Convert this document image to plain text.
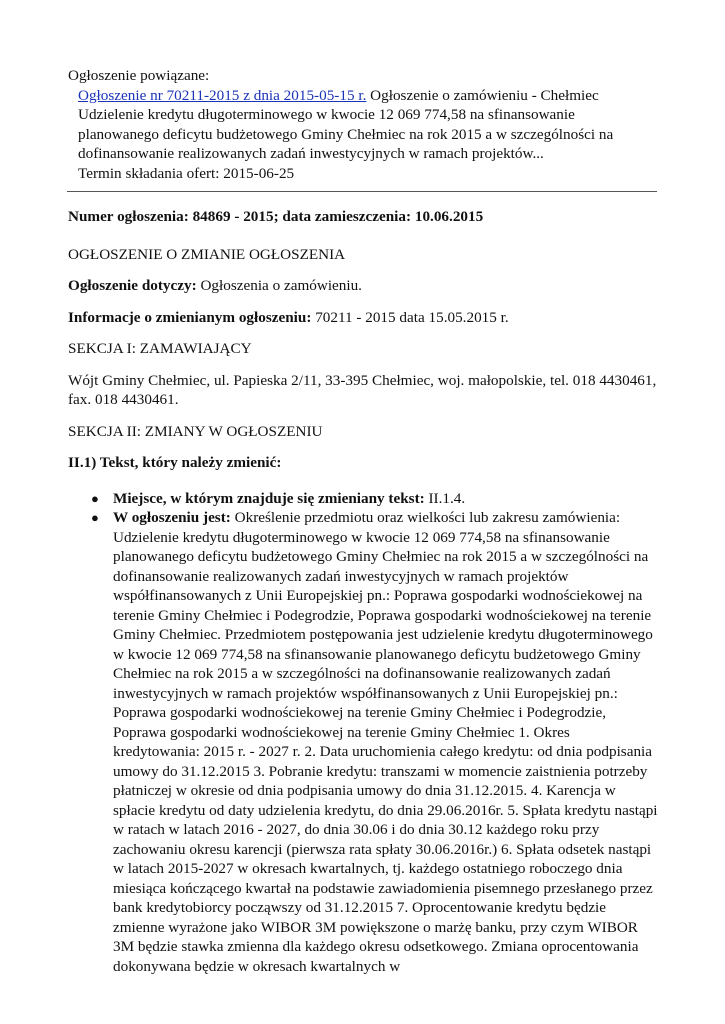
Ogłoszenie powiązane:
Ogłoszenie nr 70211-2015 z dnia 2015-05-15 r. Ogłoszenie o zamówieniu - Chełmiec Udzielenie kredytu długoterminowego w kwocie 12 069 774,58 na sfinansowanie planowanego deficytu budżetowego Gminy Chełmiec na rok 2015 a w szczególności na dofinansowanie realizowanych zadań inwestycyjnych w ramach projektów...
Termin składania ofert: 2015-06-25

Numer ogłoszenia: 84869 - 2015; data zamieszczenia: 10.06.2015

OGŁOSZENIE O ZMIANIE OGŁOSZENIA

Ogłoszenie dotyczy: Ogłoszenia o zamówieniu.

Informacje o zmienianym ogłoszeniu: 70211 - 2015 data 15.05.2015 r.

SEKCJA I: ZAMAWIAJĄCY

Wójt Gminy Chełmiec, ul. Papieska 2/11, 33-395 Chełmiec, woj. małopolskie, tel. 018 4430461, fax. 018 4430461.

SEKCJA II: ZMIANY W OGŁOSZENIU

II.1) Tekst, który należy zmienić:

● Miejsce, w którym znajduje się zmieniany tekst: II.1.4.
● W ogłoszeniu jest: Określenie przedmiotu oraz wielkości lub zakresu zamówienia: Udzielenie kredytu długoterminowego w kwocie 12 069 774,58 na sfinansowanie planowanego deficytu budżetowego Gminy Chełmiec na rok 2015 a w szczególności na dofinansowanie realizowanych zadań inwestycyjnych w ramach projektów współfinansowanych z Unii Europejskiej pn.: Poprawa gospodarki wodnościekowej na terenie Gminy Chełmiec i Podegrodzie, Poprawa gospodarki wodnościekowej na terenie Gminy Chełmiec. Przedmiotem postępowania jest udzielenie kredytu długoterminowego w kwocie 12 069 774,58 na sfinansowanie planowanego deficytu budżetowego Gminy Chełmiec na rok 2015 a w szczególności na dofinansowanie realizowanych zadań inwestycyjnych w ramach projektów współfinansowanych z Unii Europejskiej pn.: Poprawa gospodarki wodnościekowej na terenie Gminy Chełmiec i Podegrodzie, Poprawa gospodarki wodnościekowej na terenie Gminy Chełmiec 1. Okres kredytowania: 2015 r. - 2027 r. 2. Data uruchomienia całego kredytu: od dnia podpisania umowy do 31.12.2015 3. Pobranie kredytu: transzami w momencie zaistnienia potrzeby płatniczej w okresie od dnia podpisania umowy do dnia 31.12.2015. 4. Karencja w spłacie kredytu od daty udzielenia kredytu, do dnia 29.06.2016r. 5. Spłata kredytu nastąpi w ratach w latach 2016 - 2027, do dnia 30.06 i do dnia 30.12 każdego roku przy zachowaniu okresu karencji (pierwsza rata spłaty 30.06.2016r.) 6. Spłata odsetek nastąpi w latach 2015-2027 w okresach kwartalnych, tj. każdego ostatniego roboczego dnia miesiąca kończącego kwartał na podstawie zawiadomienia pisemnego przesłanego przez bank kredytobiorcy począwszy od 31.12.2015 7. Oprocentowanie kredytu będzie zmienne wyrażone jako WIBOR 3M powiększone o marżę banku, przy czym WIBOR 3M będzie stawka zmienna dla każdego okresu odsetkowego. Zmiana oprocentowania dokonywana będzie w okresach kwartalnych w
